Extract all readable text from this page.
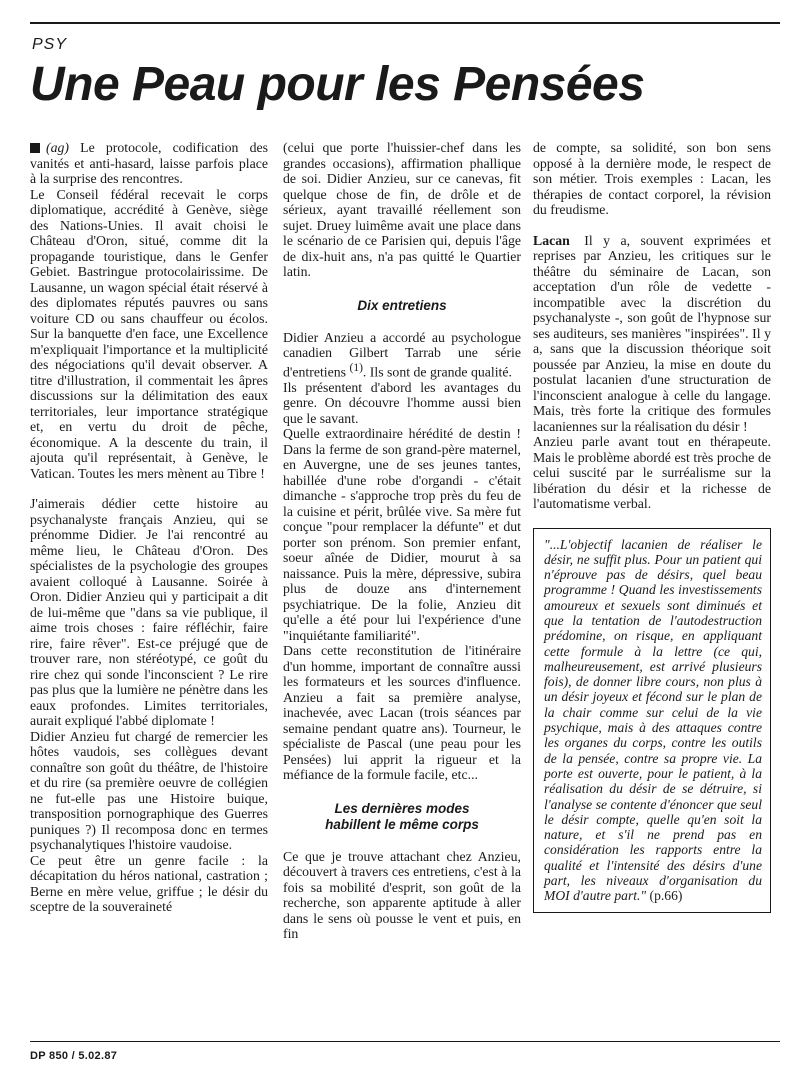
PSY
Une Peau pour les Pensées

(ag) Le protocole, codification des vanités et anti-hasard, laisse parfois place à la surprise des rencontres.

Le Conseil fédéral recevait le corps diplomatique, accrédité à Genève, siège des Nations-Unies. Il avait choisi le Château d'Oron, situé, comme dit la propagande touristique, dans le Genfer Gebiet. Bastringue protocolairissime. De Lausanne, un wagon spécial était réservé à des diplomates réputés pauvres ou sans voiture CD ou sans chauffeur ou écolos. Sur la banquette d'en face, une Excellence m'expliquait l'importance et la multiplicité des négociations qu'il devait observer. A titre d'illustration, il commentait les âpres discussions sur la délimitation des eaux territoriales, leur importance stratégique et, en vertu du droit de pêche, économique. A la descente du train, il ajouta qu'il représentait, à Genève, le Vatican. Toutes les mers mènent au Tibre !

J'aimerais dédier cette histoire au psychanalyste français Anzieu, qui se prénomme Didier. Je l'ai rencontré au même lieu, le Château d'Oron. Des spécialistes de la psychologie des groupes avaient colloqué à Lausanne. Soirée à Oron. Didier Anzieu qui y participait a dit de lui-même que "dans sa vie publique, il aime trois choses : faire réfléchir, faire rire, faire rêver". Est-ce préjugé que de trouver rare, non stéréotypé, ce goût du rire chez qui sonde l'inconscient ? Le rire pas plus que la lumière ne pénètre dans les eaux profondes. Limites territoriales, aurait expliqué l'abbé diplomate !

Didier Anzieu fut chargé de remercier les hôtes vaudois, ses collègues devant connaître son goût du théâtre, de l'histoire et du rire (sa première oeuvre de collégien ne fut-elle pas une Histoire buique, transposition pornographique des Guerres puniques ?) Il recomposa donc en termes psychanalytiques l'histoire vaudoise.

Ce peut être un genre facile : la décapitation du héros national, castration ; Berne en mère velue, griffue ; le désir du sceptre de la souveraineté

(celui que porte l'huissier-chef dans les grandes occasions), affirmation phallique de soi. Didier Anzieu, sur ce canevas, fit quelque chose de fin, de drôle et de sérieux, ayant travaillé réellement son sujet. Druey luimême avait une place dans le scénario de ce Parisien qui, depuis l'âge de dix-huit ans, n'a pas quitté le Quartier latin.

Dix entretiens

Didier Anzieu a accordé au psychologue canadien Gilbert Tarrab une série d'entretiens $^{(1)}$. Ils sont de grande qualité.

Ils présentent d'abord les avantages du genre. On découvre l'homme aussi bien que le savant.

Quelle extraordinaire hérédité de destin ! Dans la ferme de son grand-père maternel, en Auvergne, une de ses jeunes tantes, habillée d'une robe d'organdi - c'était dimanche - s'approche trop près du feu de la cuisine et périt, brûlée vive. Sa mère fut conçue "pour remplacer la défunte" et dut porter son prénom. Son premier enfant, soeur aînée de Didier, mourut à sa naissance. Puis la mère, dépressive, subira plus de douze ans d'internement psychiatrique. De la folie, Anzieu dit qu'elle a été pour lui l'expérience d'une "inquiétante familiarité".

Dans cette reconstitution de l'itinéraire d'un homme, important de connaître aussi les formateurs et les sources d'influence. Anzieu a fait sa première analyse, inachevée, avec Lacan (trois séances par semaine pendant quatre ans). Tourneur, le spécialiste de Pascal (une peau pour les Pensées) lui apprit la rigueur et la méfiance de la formule facile, etc...

Les dernières modes
habillent le même corps

Ce que je trouve attachant chez Anzieu, découvert à travers ces entretiens, c'est à la fois sa mobilité d'esprit, son goût de la recherche, son apparente aptitude à aller dans le sens où pousse le vent et puis, en fin

de compte, sa solidité, son bon sens opposé à la dernière mode, le respect de son métier. Trois exemples : Lacan, les thérapies de contact corporel, la révision du freudisme.

Lacan Il y a, souvent exprimées et reprises par Anzieu, les critiques sur le théâtre du séminaire de Lacan, son acceptation d'un rôle de vedette - incompatible avec la discrétion du psychanalyste -, son goût de l'hypnose sur ses auditeurs, ses manières "inspirées". Il y a, sans que la discussion théorique soit poussée par Anzieu, la mise en doute du postulat lacanien d'une structuration de l'inconscient analogue à celle du langage. Mais, très forte la critique des formules lacaniennes sur la réalisation du désir !

Anzieu parle avant tout en thérapeute. Mais le problème abordé est très proche de celui suscité par le surréalisme sur la libération du désir et la richesse de l'automatisme verbal.

"...L'objectif lacanien de réaliser le désir, ne suffit plus. Pour un patient qui n'éprouve pas de désirs, quel beau programme ! Quand les investissements amoureux et sexuels sont diminués et que la tentation de l'autodestruction prédomine, on risque, en appliquant cette formule à la lettre (ce qui, malheureusement, est arrivé plusieurs fois), de donner libre cours, non plus à un désir joyeux et fécond sur le plan de la chair comme sur celui de la vie psychique, mais à des attaques contre les organes du corps, contre les outils de la pensée, contre sa propre vie. La porte est ouverte, pour le patient, à la réalisation du désir de se détruire, si l'analyse se contente d'énoncer que seul le désir compte, quelle qu'en soit la nature, et s'il ne prend pas en considération les rapports entre la qualité et l'intensité des désirs d'une part, les niveaux d'organisation du MOI d'autre part." (p.66)
DP 850 / 5.02.87
